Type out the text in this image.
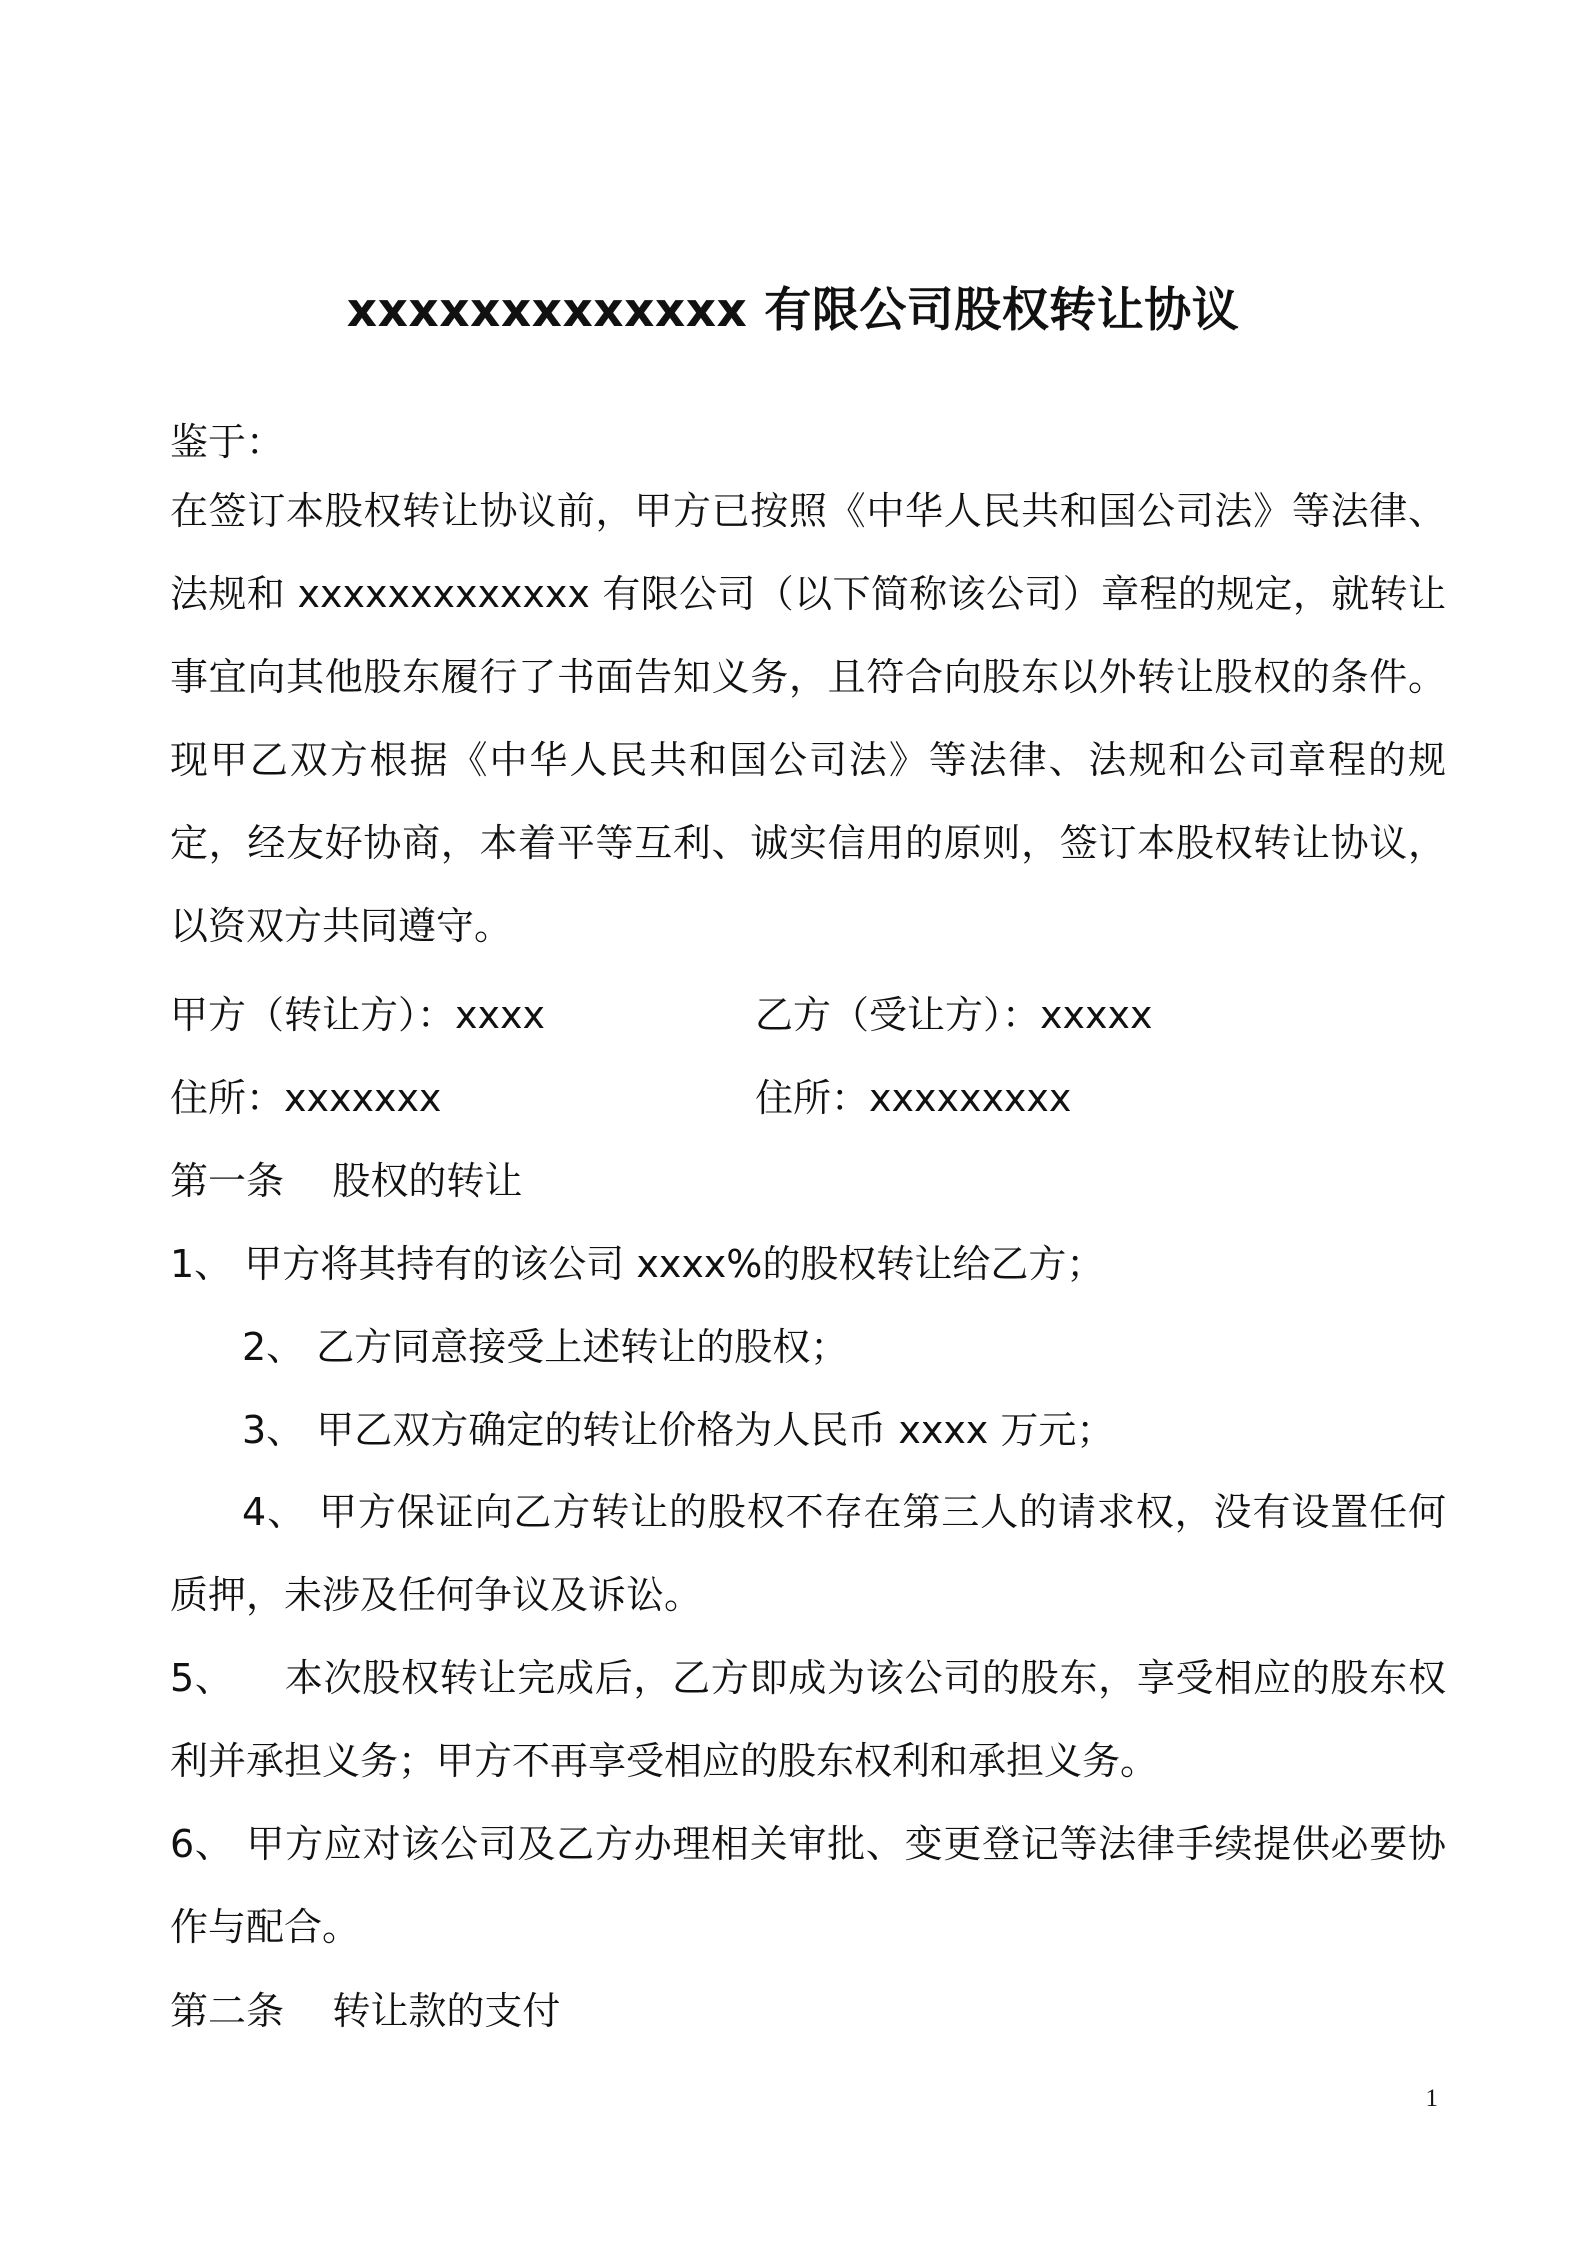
xxxxxxxxxxxxx 有限公司股权转让协议
鉴于：
在签订本股权转让协议前，甲方已按照《中华人民共和国公司法》等法律、法规和 xxxxxxxxxxxxx 有限公司（以下简称该公司）章程的规定，就转让事宜向其他股东履行了书面告知义务，且符合向股东以外转让股权的条件。现甲乙双方根据《中华人民共和国公司法》等法律、法规和公司章程的规定，经友好协商，本着平等互利、诚实信用的原则，签订本股权转让协议，以资双方共同遵守。
甲方（转让方）：xxxx	乙方（受让方）：xxxxx
住所：xxxxxxx	住所：xxxxxxxxx
第一条    股权的转让
1、 甲方将其持有的该公司 xxxx%的股权转让给乙方；
2、 乙方同意接受上述转让的股权；
3、 甲乙双方确定的转让价格为人民币 xxxx 万元；
4、 甲方保证向乙方转让的股权不存在第三人的请求权，没有设置任何质押，未涉及任何争议及诉讼。
5、    本次股权转让完成后，乙方即成为该公司的股东，享受相应的股东权利并承担义务；甲方不再享受相应的股东权利和承担义务。
6、 甲方应对该公司及乙方办理相关审批、变更登记等法律手续提供必要协作与配合。
第二条    转让款的支付
1
